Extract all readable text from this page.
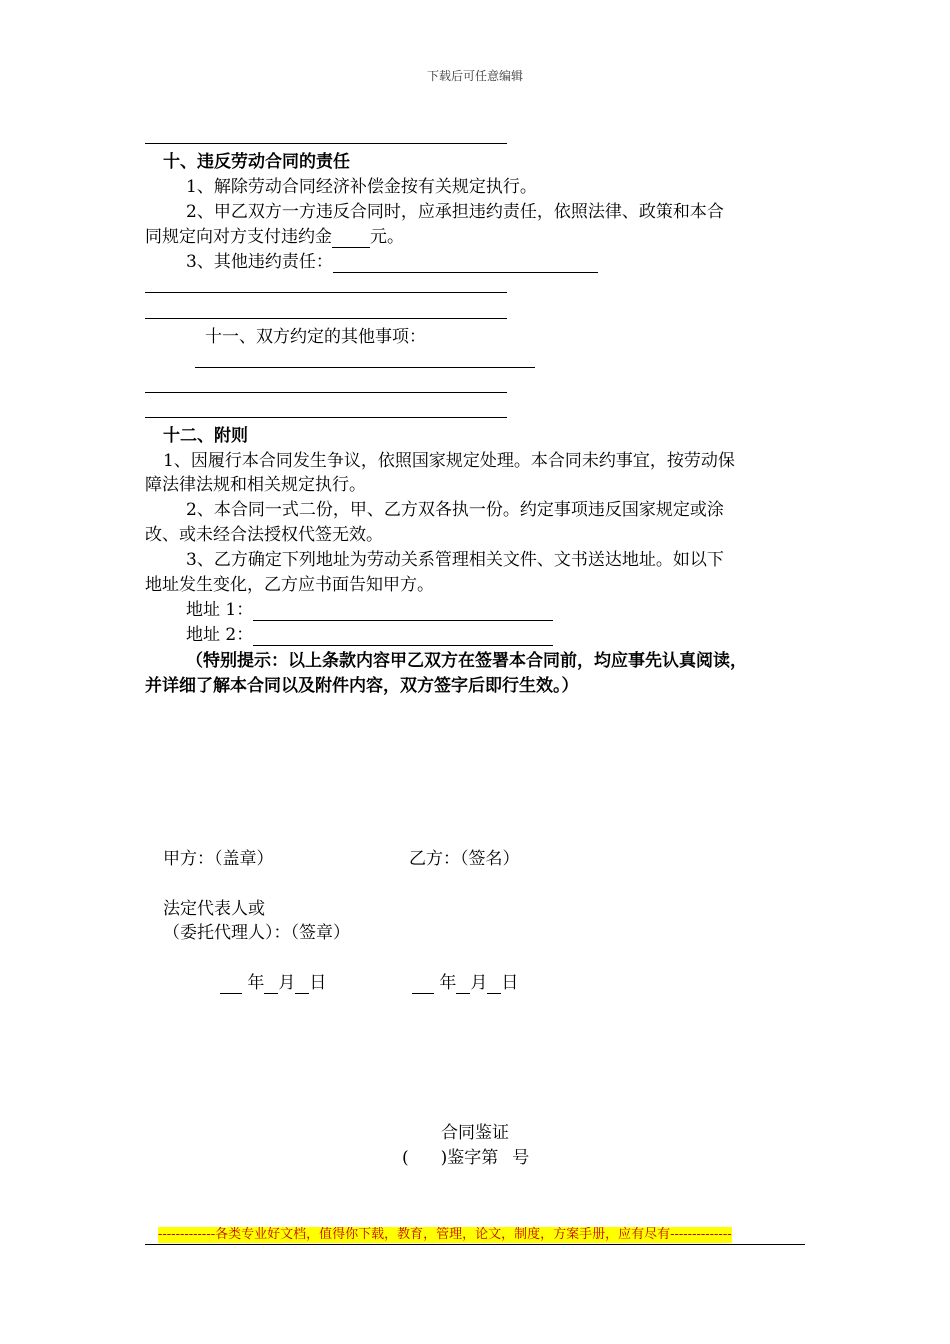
下载后可任意编辑
十、违反劳动合同的责任
1、解除劳动合同经济补偿金按有关规定执行。
2、甲乙双方一方违反合同时，应承担违约责任，依照法律、政策和本合
同规定向对方支付违约金 元。
3、其他违约责任：
十一、双方约定的其他事项：
十二、附则
1、因履行本合同发生争议，依照国家规定处理。本合同未约事宜，按劳动保
障法律法规和相关规定执行。
2、本合同一式二份，甲、乙方双各执一份。约定事项违反国家规定或涂
改、或未经合法授权代签无效。
3、乙方确定下列地址为劳动关系管理相关文件、文书送达地址。如以下
地址发生变化，乙方应书面告知甲方。
地址 1：
地址 2：
（特别提示：以上条款内容甲乙双方在签署本合同前，均应事先认真阅读，
并详细了解本合同以及附件内容，双方签字后即行生效。）
甲方：（盖章）	乙方：（签名）
法定代表人或
（委托代理人）：（签章）
年 月 日	年 月 日
合同鉴证
( )鉴字第 号
-------------各类专业好文档，值得你下载，教育，管理，论文，制度，方案手册，应有尽有--------------
